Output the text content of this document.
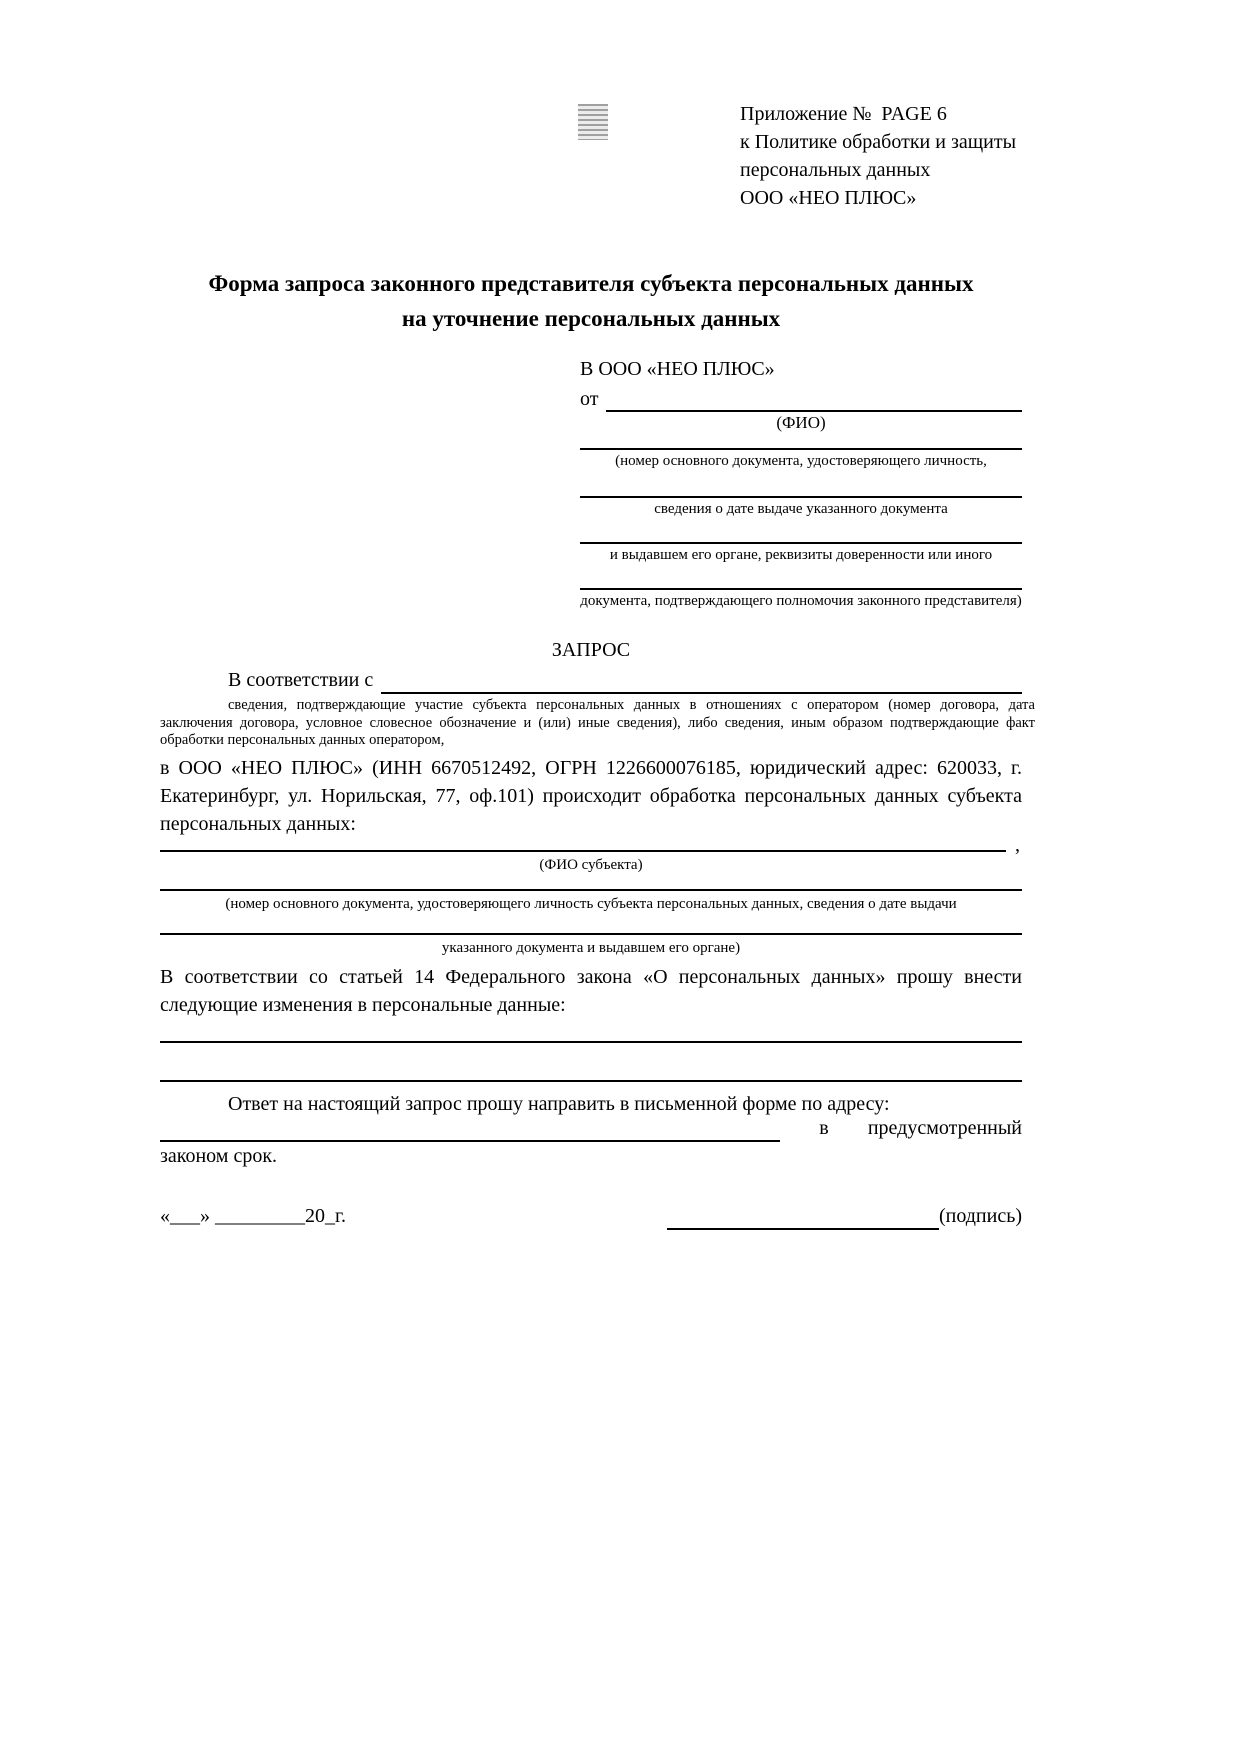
Приложение №  PAGE 6
к Политике обработки и защиты
персональных данных
ООО «НЕО ПЛЮС»
Форма запроса законного представителя субъекта персональных данных
на уточнение персональных данных
В ООО «НЕО ПЛЮС»
от
(ФИО)
(номер основного документа, удостоверяющего личность,
сведения о дате выдаче указанного документа
и выдавшем его органе, реквизиты доверенности или иного
документа, подтверждающего полномочия законного представителя)
ЗАПРОС
В соответствии с
сведения, подтверждающие участие субъекта персональных данных в отношениях с оператором (номер договора, дата заключения договора, условное словесное обозначение и (или) иные сведения), либо сведения, иным образом подтверждающие факт обработки персональных данных оператором,

в ООО «НЕО ПЛЮС» (ИНН 6670512492, ОГРН 1226600076185, юридический адрес: 620033, г. Екатеринбург, ул. Норильская, 77, оф.101) происходит обработка персональных данных субъекта персональных данных:

,
(ФИО субъекта)
(номер основного документа, удостоверяющего личность субъекта персональных данных, сведения о дате выдачи
указанного документа и выдавшем его органе)

В соответствии со статьей 14 Федерального закона «О персональных данных» прошу внести следующие изменения в персональные данные:

Ответ на настоящий запрос прошу направить в письменной форме по адресу:

в предусмотренный

законом срок.

«___» _________20_г.	(подпись)
